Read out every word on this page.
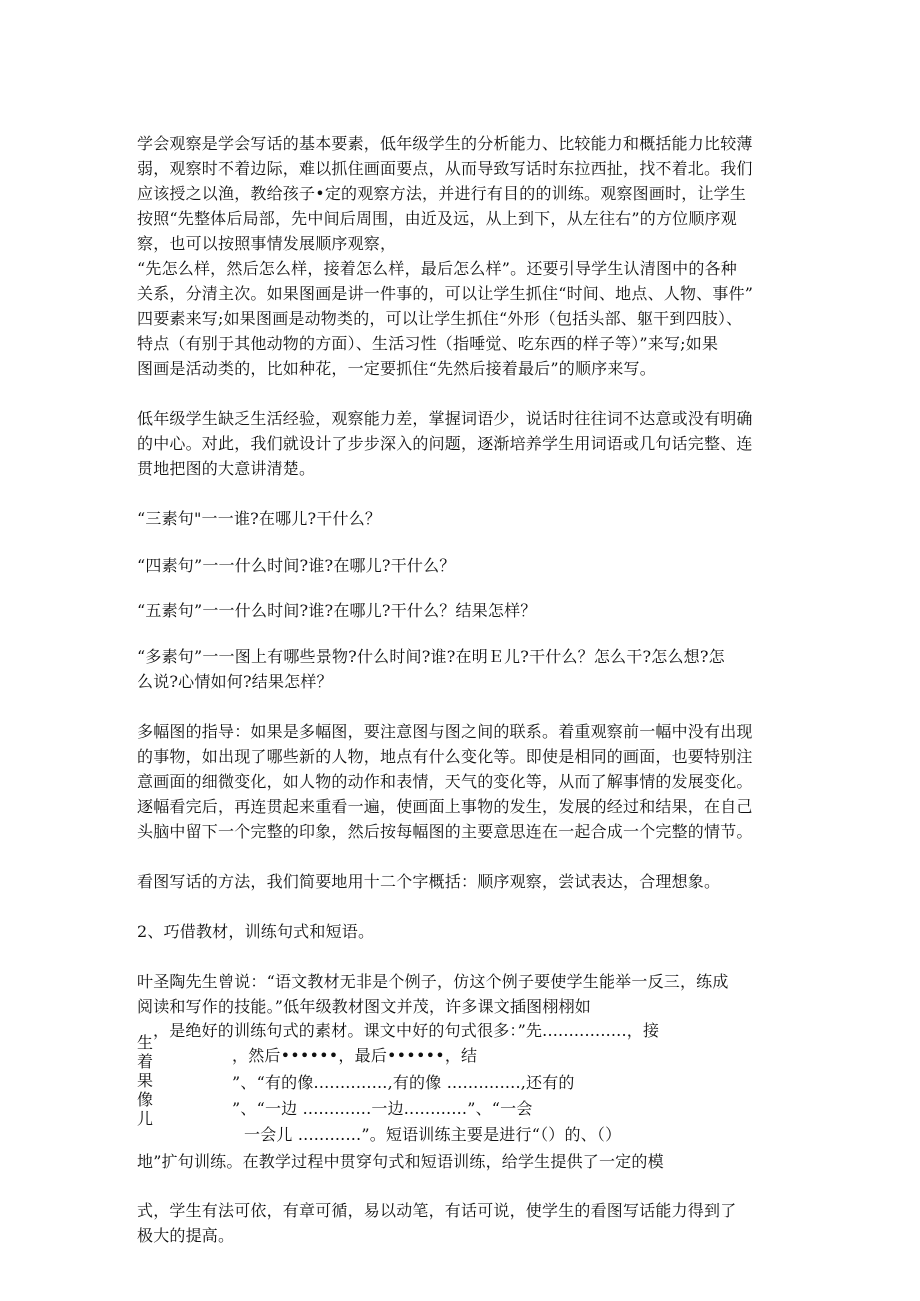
学会观察是学会写话的基本要素，低年级学生的分析能力、比较能力和概括能力比较薄
弱，观察时不着边际，难以抓住画面要点，从而导致写话时东拉西扯，找不着北。我们
应该授之以渔，教给孩子•定的观察方法，并进行有目的的训练。观察图画时，让学生
按照“先整体后局部，先中间后周围，由近及远，从上到下，从左往右”的方位顺序观
察，也可以按照事情发展顺序观察，
“先怎么样，然后怎么样，接着怎么样，最后怎么样”。还要引导学生认清图中的各种
关系，分清主次。如果图画是讲一件事的，可以让学生抓住“时间、地点、人物、事件”
四要素来写;如果图画是动物类的，可以让学生抓住“外形（包括头部、躯干到四肢）、
特点（有别于其他动物的方面）、生活习性（指唾觉、吃东西的样子等）”来写;如果
图画是活动类的，比如种花，一定要抓住“先然后接着最后”的顺序来写。
低年级学生缺乏生活经验，观察能力差，掌握词语少，说话时往往词不达意或没有明确
的中心。对此，我们就设计了步步深入的问题，逐渐培养学生用词语或几句话完整、连
贯地把图的大意讲清楚。
“三素句"一一谁?在哪儿?干什么？
“四素句”一一什么时间?谁?在哪儿?干什么？
“五素句”一一什么时间?谁?在哪儿?干什么？结果怎样？
“多素句”一一图上有哪些景物?什么时间?谁?在明Ｅ儿?干什么？怎么干?怎么想?怎
么说?心情如何?结果怎样？
多幅图的指导：如果是多幅图，要注意图与图之间的联系。着重观察前一幅中没有出现
的事物，如出现了哪些新的人物，地点有什么变化等。即使是相同的画面，也要特别注
意画面的细微变化，如人物的动作和表情，天气的变化等，从而了解事情的发展变化。
逐幅看完后，再连贯起来重看一遍，使画面上事物的发生，发展的经过和结果，在自己
头脑中留下一个完整的印象，然后按每幅图的主要意思连在一起合成一个完整的情节。
看图写话的方法，我们简要地用十二个字概括：顺序观察，尝试表达，合理想象。
2、巧借教材，训练句式和短语。
叶圣陶先生曾说：“语文教材无非是个例子，仿这个例子要使学生能举一反三，练成
阅读和写作的技能。”低年级教材图文并茂，许多课文插图栩栩如
生
着
果
像
儿
，是绝好的训练句式的素材。课文中好的句式很多：”先................，接
，然后••••••，最后••••••，结
”、“有的像..............,有的像 ..............,还有的
”、“一边 .............一边............”、“一会
一会儿 ............”。短语训练主要是进行“（）的、（）
地”扩句训练。在教学过程中贯穿句式和短语训练，给学生提供了一定的模
式，学生有法可依，有章可循，易以动笔，有话可说，使学生的看图写话能力得到了
极大的提高。
